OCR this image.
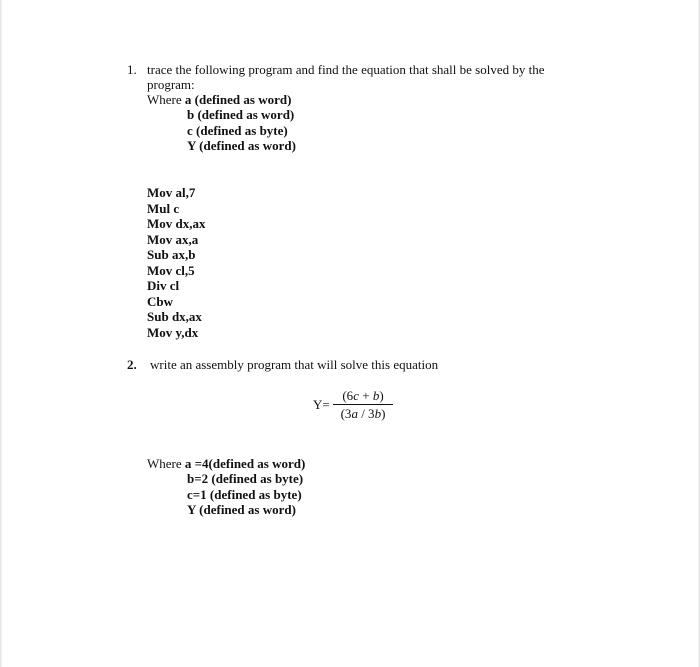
1. trace the following program and find the equation that shall be solved by the
program:
Where a (defined as word)
b (defined as word)
c (defined as byte)
Y (defined as word)
Mov al,7
Mul c
Mov dx,ax
Mov ax,a
Sub ax,b
Mov cl,5
Div cl
Cbw
Sub dx,ax
Mov y,dx
2. write an assembly program that will solve this equation
Y=
(6c + b)
(3a / 3b)
Where a =4(defined as word)
b=2 (defined as byte)
c=1 (defined as byte)
Y (defined as word)
